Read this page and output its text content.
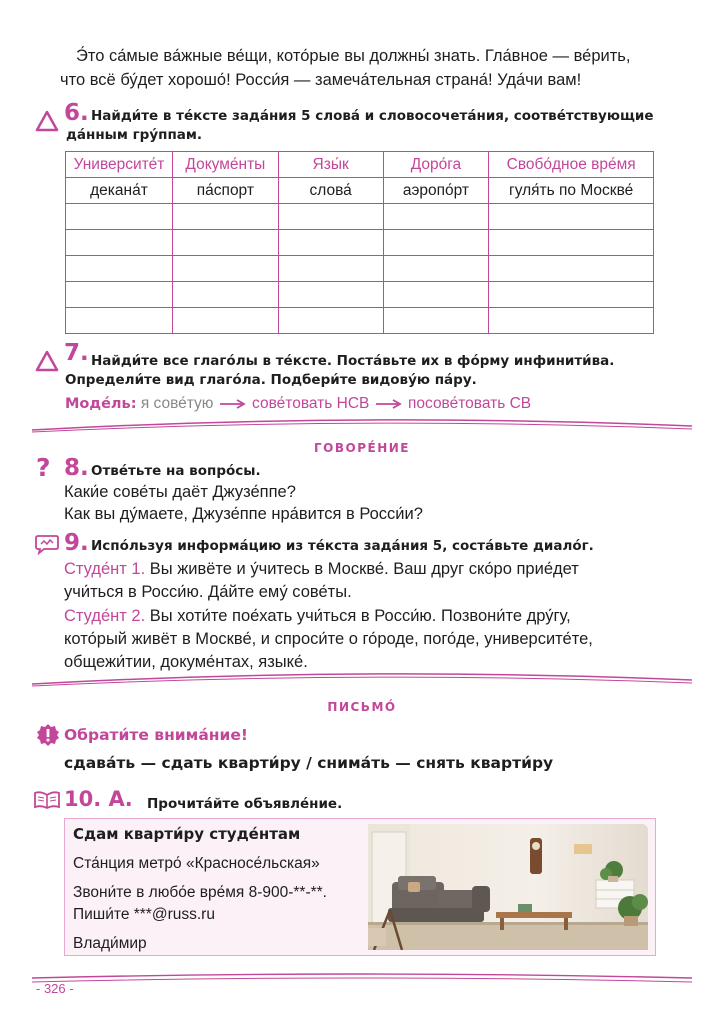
Э́то са́мые ва́жные ве́щи, кото́рые вы должны́ знать. Гла́вное — ве́рить,

что всё бу́дет хорошо́! Росси́я — замеча́тельная страна́! Уда́чи вам!

6. Найди́те в те́ксте зада́ния 5 слова́ и словосочета́ния, соотве́тствующие
да́нным гру́ппам.
Университе́т	Докуме́нты	Язы́к	Доро́га	Свобо́дное вре́мя
декана́т	па́спорт	слова́	аэропо́рт	гуля́ть по Москве́

7. Найди́те все глаго́лы в те́ксте. Поста́вьте их в фо́рму инфинити́ва.
Определи́те вид глаго́ла. Подбери́те видову́ю па́ру.
Моде́ль: я сове́тую сове́товать НСВ посове́товать СВ
ГОВОРЕ́НИЕ
? 8. Отве́тьте на вопро́сы.
Каки́е сове́ты даёт Джузе́ппе?
Как вы ду́маете, Джузе́ппе нра́вится в Росси́и?
9. Испо́льзуя информа́цию из те́кста зада́ния 5, соста́вьте диало́г.
Студе́нт 1. Вы живёте и у́читесь в Москве́. Ваш друг ско́ро прие́дет
учи́ться в Росси́ю. Да́йте ему́ сове́ты.
Студе́нт 2. Вы хоти́те пое́хать учи́ться в Росси́ю. Позвони́те дру́гу,
кото́рый живёт в Москве́, и спроси́те о го́роде, пого́де, университе́те,
общежи́тии, докуме́нтах, языке́.
ПИСЬМО́
Обрати́те внима́ние!
сдава́ть — сдать кварти́ру / снима́ть — снять кварти́ру
10. А. Прочита́йте объявле́ние.
Сдам кварти́ру студе́нтам
Ста́нция метро́ «Красносе́льская»
Звони́те в любо́е вре́мя 8-900-**-**.
Пиши́те ***@russ.ru
Влади́мир
- 326 -
